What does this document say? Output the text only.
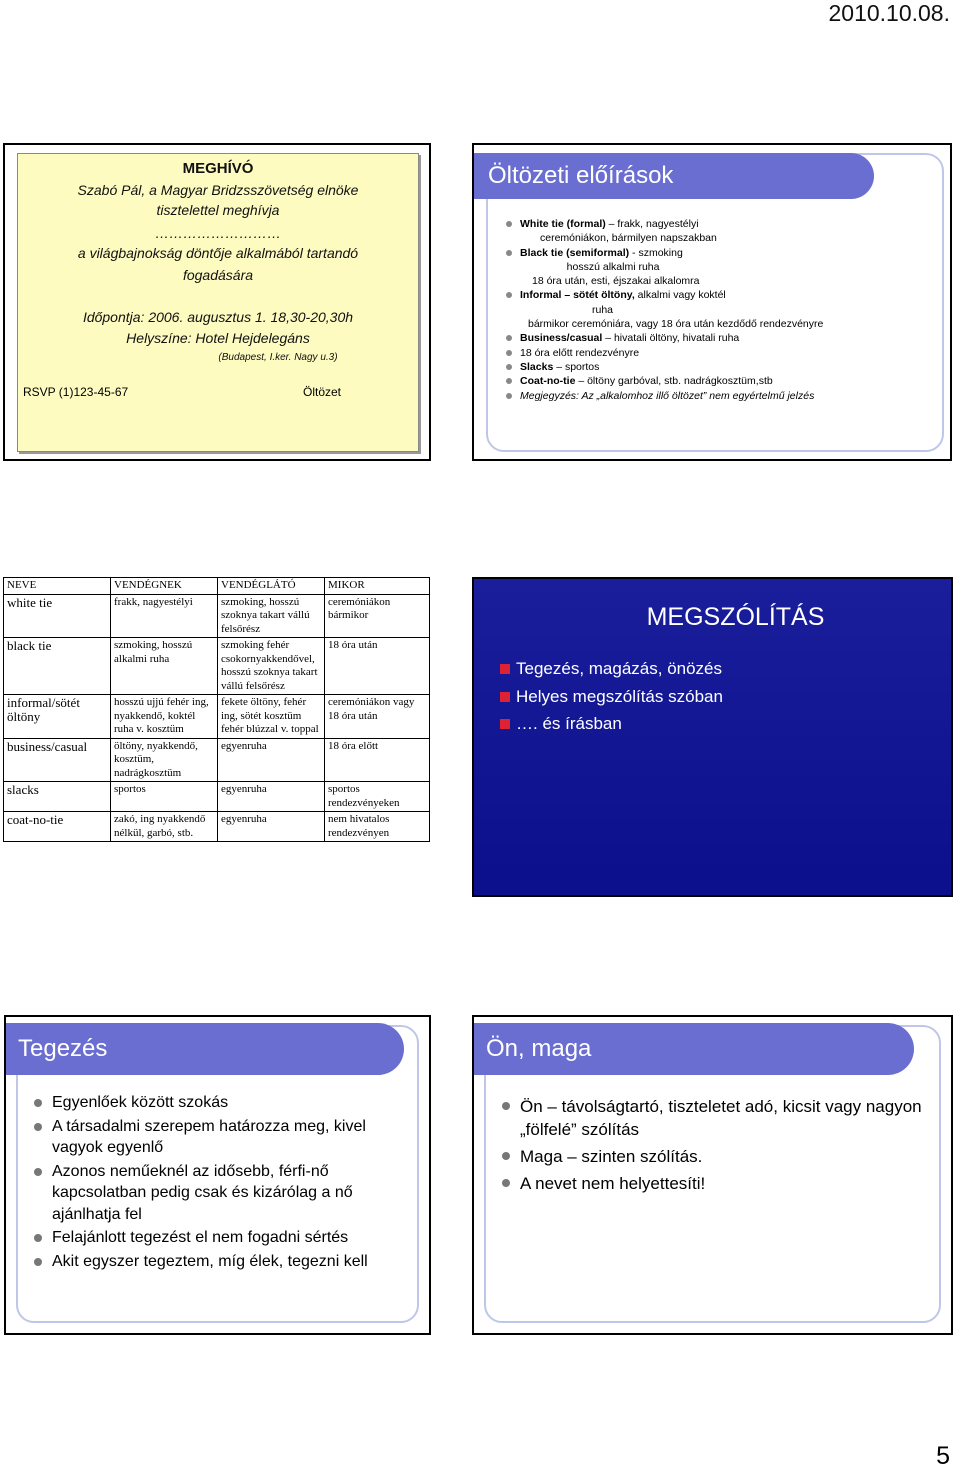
2010.10.08.
MEGHÍVÓ
Szabó Pál, a Magyar Bridzsszövetség elnöke
tisztelettel meghívja
………………………
a világbajnokság döntője alkalmából tartandó
fogadására
Időpontja: 2006. augusztus 1. 18,30-20,30h
Helyszíne: Hotel Hejdelegáns
(Budapest, I.ker. Nagy u.3)
RSVP (1)123-45-67	Öltözet
Öltözeti előírások
White tie (formal) – frakk, nagyestélyi
ceremóniákon, bármilyen napszakban
Black tie (semiformal) - szmoking
hosszú alkalmi ruha
18 óra után, esti, éjszakai alkalomra
Informal – sötét öltöny, alkalmi vagy koktél
ruha
bármikor ceremóniára, vagy 18 óra után kezdődő rendezvényre
Business/casual – hivatali öltöny, hivatali ruha
18 óra előtt rendezvényre
Slacks – sportos
Coat-no-tie – öltöny garbóval, stb. nadrágkosztüm,stb
Megjegyzés: Az „alkalomhoz illő öltözet” nem egyértelmű jelzés
NEVE	VENDÉGNEK	VENDÉGLÁTÓ	MIKOR
white tie	frakk, nagyestélyi	szmoking, hosszú szoknya takart vállú felsőrész	ceremóniákon bármikor
black tie	szmoking, hosszú alkalmi ruha	szmoking fehér csokornyakkendővel, hosszú szoknya takart vállú felsőrész	18 óra után
informal/sötét öltöny	hosszú ujjú fehér ing, nyakkendő, koktél ruha v. kosztüm	fekete öltöny, fehér ing, sötét kosztüm fehér blúzzal v. toppal	ceremóniákon vagy 18 óra után
business/casual	öltöny, nyakkendő, kosztüm, nadrágkosztüm	egyenruha	18 óra előtt
slacks	sportos	egyenruha	sportos rendezvényeken
coat-no-tie	zakó, ing nyakkendő nélkül, garbó, stb.	egyenruha	nem hivatalos rendezvényen
MEGSZÓLÍTÁS
Tegezés, magázás, önözés
Helyes megszólítás szóban
…. és írásban
Tegezés
Egyenlőek között szokás
A társadalmi szerepem határozza meg, kivel vagyok egyenlő
Azonos neműeknél az idősebb, férfi-nő kapcsolatban pedig csak és kizárólag a nő ajánlhatja fel
Felajánlott tegezést el nem fogadni sértés
Akit egyszer tegeztem, míg élek, tegezni kell
Ön, maga
Ön – távolságtartó, tiszteletet adó, kicsit vagy nagyon „fölfelé” szólítás
Maga – szinten szólítás.
A nevet nem helyettesíti!
5
